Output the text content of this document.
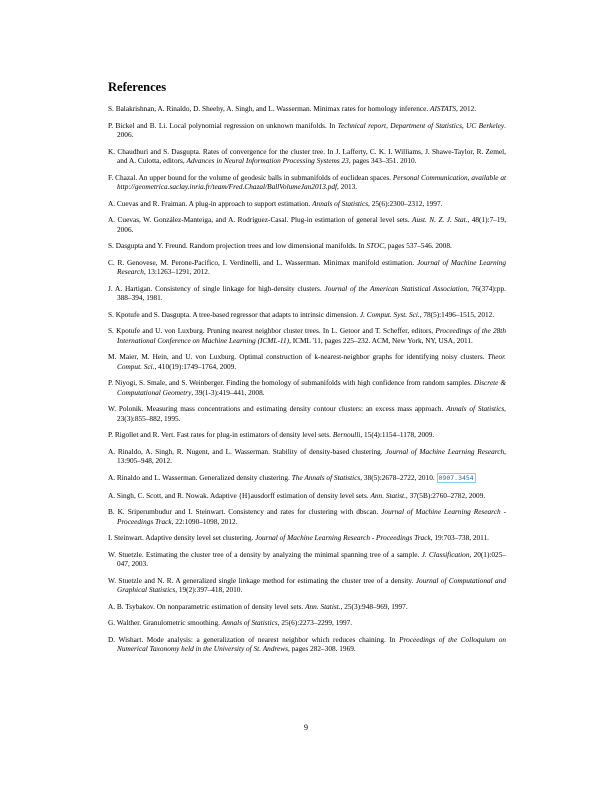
References

S. Balakrishnan, A. Rinaldo, D. Sheehy, A. Singh, and L. Wasserman. Minimax rates for homology inference. AISTATS, 2012.

P. Bickel and B. Li. Local polynomial regression on unknown manifolds. In Technical report, Department of Statistics, UC Berkeley. 2006.

K. Chaudhuri and S. Dasgupta. Rates of convergence for the cluster tree. In J. Lafferty, C. K. I. Williams, J. Shawe-Taylor, R. Zemel, and A. Culotta, editors, Advances in Neural Information Processing Systems 23, pages 343–351. 2010.

F. Chazal. An upper bound for the volume of geodesic balls in submanifolds of euclidean spaces. Personal Communication, available at http://geometrica.saclay.inria.fr/team/Fred.Chazal/BallVolumeJan2013.pdf, 2013.

A. Cuevas and R. Fraiman. A plug-in approach to support estimation. Annals of Statistics, 25(6):2300–2312, 1997.

A. Cuevas, W. González-Manteiga, and A. Rodríguez-Casal. Plug-in estimation of general level sets. Aust. N. Z. J. Stat., 48(1):7–19, 2006.

S. Dasgupta and Y. Freund. Random projection trees and low dimensional manifolds. In STOC, pages 537–546. 2008.

C. R. Genovese, M. Perone-Pacifico, I. Verdinelli, and L. Wasserman. Minimax manifold estimation. Journal of Machine Learning Research, 13:1263–1291, 2012.

J. A. Hartigan. Consistency of single linkage for high-density clusters. Journal of the American Statistical Association, 76(374):pp. 388–394, 1981.

S. Kpotufe and S. Dasgupta. A tree-based regressor that adapts to intrinsic dimension. J. Comput. Syst. Sci., 78(5):1496–1515, 2012.

S. Kpotufe and U. von Luxburg. Pruning nearest neighbor cluster trees. In L. Getoor and T. Scheffer, editors, Proceedings of the 28th International Conference on Machine Learning (ICML-11), ICML '11, pages 225–232. ACM, New York, NY, USA, 2011.

M. Maier, M. Hein, and U. von Luxburg. Optimal construction of k-nearest-neighbor graphs for identifying noisy clusters. Theor. Comput. Sci., 410(19):1749–1764, 2009.

P. Niyogi, S. Smale, and S. Weinberger. Finding the homology of submanifolds with high confidence from random samples. Discrete & Computational Geometry, 39(1-3):419–441, 2008.

W. Polonik. Measuring mass concentrations and estimating density contour clusters: an excess mass approach. Annals of Statistics, 23(3):855–882, 1995.

P. Rigollet and R. Vert. Fast rates for plug-in estimators of density level sets. Bernoulli, 15(4):1154–1178, 2009.

A. Rinaldo, A. Singh, R. Nugent, and L. Wasserman. Stability of density-based clustering. Journal of Machine Learning Research, 13:905–948, 2012.

A. Rinaldo and L. Wasserman. Generalized density clustering. The Annals of Statistics, 38(5):2678–2722, 2010. 0907.3454

A. Singh, C. Scott, and R. Nowak. Adaptive {H}ausdorff estimation of density level sets. Ann. Statist., 37(5B):2760–2782, 2009.

B. K. Sriperumbudur and I. Steinwart. Consistency and rates for clustering with dbscan. Journal of Machine Learning Research - Proceedings Track, 22:1090–1098, 2012.

I. Steinwart. Adaptive density level set clustering. Journal of Machine Learning Research - Proceedings Track, 19:703–738, 2011.

W. Stuetzle. Estimating the cluster tree of a density by analyzing the minimal spanning tree of a sample. J. Classification, 20(1):025–047, 2003.

W. Stuetzle and N. R. A generalized single linkage method for estimating the cluster tree of a density. Journal of Computational and Graphical Statistics, 19(2):397–418, 2010.

A. B. Tsybakov. On nonparametric estimation of density level sets. Ann. Statist., 25(3):948–969, 1997.

G. Walther. Granulometric smoothing. Annals of Statistics, 25(6):2273–2299, 1997.

D. Wishart. Mode analysis: a generalization of nearest neighbor which reduces chaining. In Proceedings of the Colloquium on Numerical Taxonomy held in the University of St. Andrews, pages 282–308. 1969.

9
